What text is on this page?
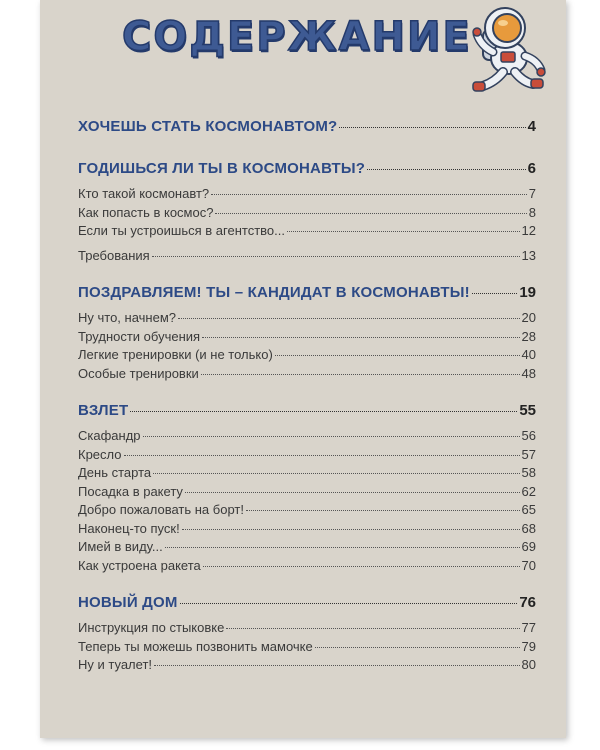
СОДЕРЖАНИЕ
ХОЧЕШЬ СТАТЬ КОСМОНАВТОМ?	4
ГОДИШЬСЯ ЛИ ТЫ В КОСМОНАВТЫ?	6
Кто такой космонавт?	7
Как попасть в космос?	8
Если ты устроишься в агентство...	12
Требования	13
ПОЗДРАВЛЯЕМ! ТЫ – КАНДИДАТ В КОСМОНАВТЫ!	19
Ну что, начнем?	20
Трудности обучения	28
Легкие тренировки (и не только)	40
Особые тренировки	48
ВЗЛЕТ	55
Скафандр	56
Кресло	57
День старта	58
Посадка в ракету	62
Добро пожаловать на борт!	65
Наконец-то пуск!	68
Имей в виду...	69
Как устроена ракета	70
НОВЫЙ ДОМ	76
Инструкция по стыковке	77
Теперь ты можешь позвонить мамочке	79
Ну и туалет!	80
